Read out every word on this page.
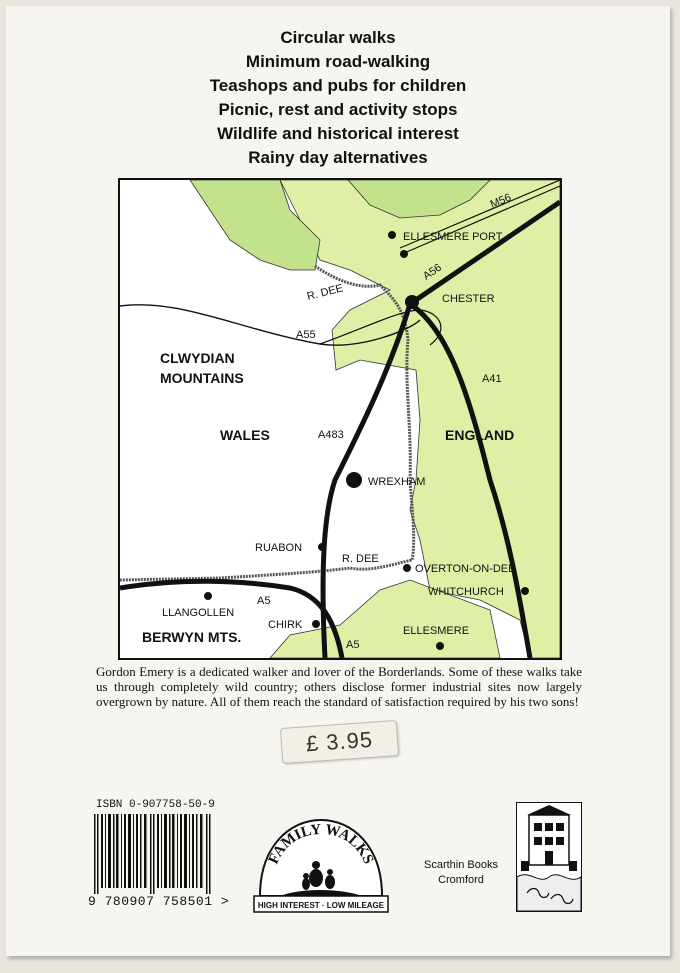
Circular walks
Minimum road-walking
Teashops and pubs for children
Picnic, rest and activity stops
Wildlife and historical interest
Rainy day alternatives
ELLESMERE PORT
CHESTER
WREXHAM
RUABON
OVERTON-ON-DEE
WHITCHURCH
LLANGOLLEN
CHIRK	ELLESMERE
CLWYDIAN
MOUNTAINS
WALES	ENGLAND
BERWYN MTS.
M56
A56
A55
A41
A483
A5
A5
R. DEE
R. DEE
Gordon Emery is a dedicated walker and lover of the Borderlands. Some of these walks take us through completely wild country; others disclose former industrial sites now largely overgrown by nature. All of them reach the standard of satisfaction required by his two sons!
£ 3.95
ISBN 0-907758-50-9
9 780907 758501 >
FAMILY WALKS
HIGH INTEREST · LOW MILEAGE
Scarthin Books
Cromford
